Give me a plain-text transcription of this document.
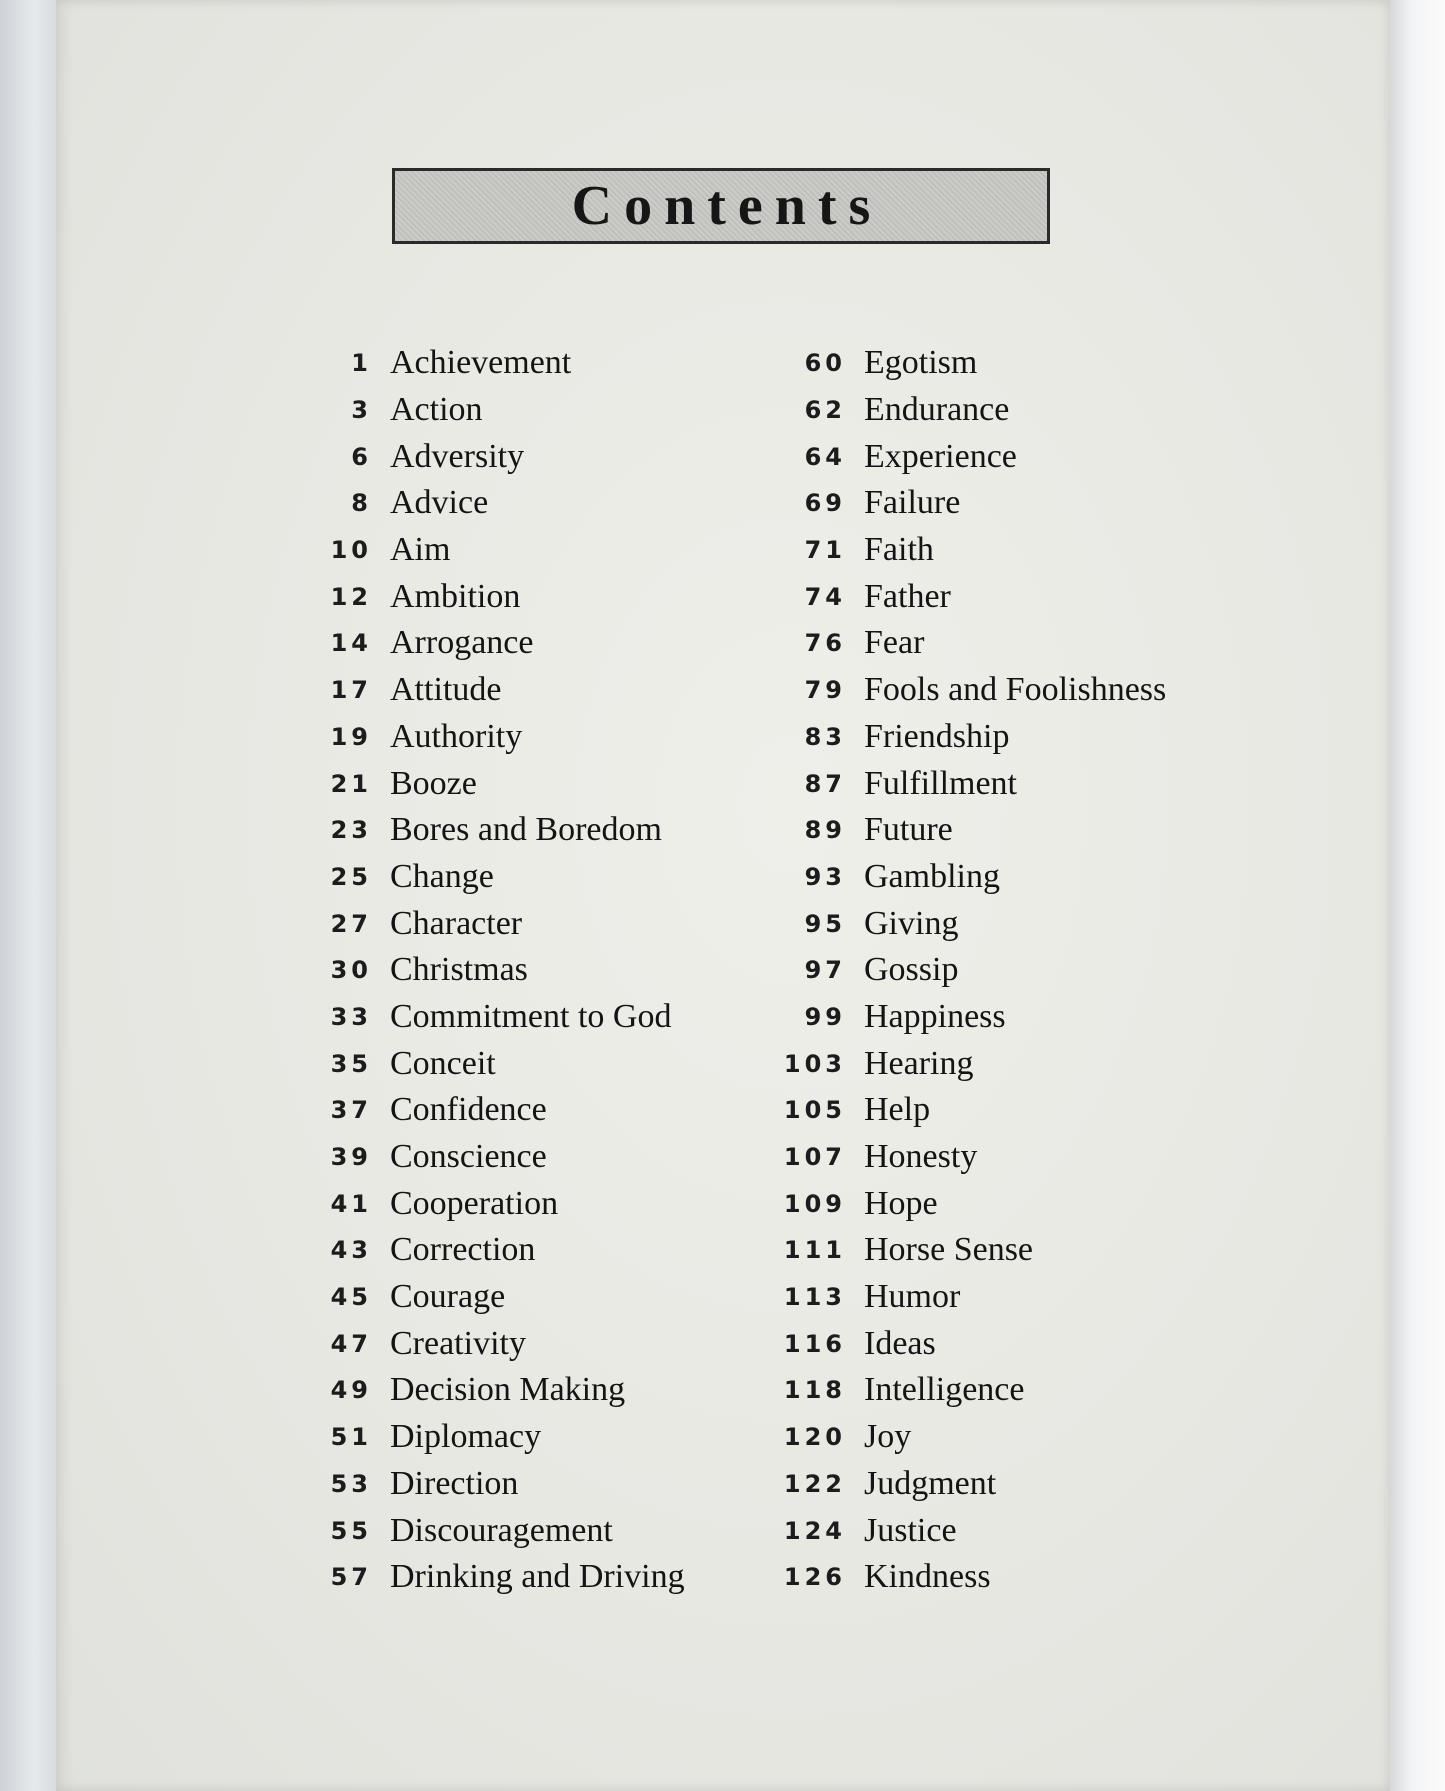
Contents
1 Achievement
3 Action
6 Adversity
8 Advice
10 Aim
12 Ambition
14 Arrogance
17 Attitude
19 Authority
21 Booze
23 Bores and Boredom
25 Change
27 Character
30 Christmas
33 Commitment to God
35 Conceit
37 Confidence
39 Conscience
41 Cooperation
43 Correction
45 Courage
47 Creativity
49 Decision Making
51 Diplomacy
53 Direction
55 Discouragement
57 Drinking and Driving
60 Egotism
62 Endurance
64 Experience
69 Failure
71 Faith
74 Father
76 Fear
79 Fools and Foolishness
83 Friendship
87 Fulfillment
89 Future
93 Gambling
95 Giving
97 Gossip
99 Happiness
103 Hearing
105 Help
107 Honesty
109 Hope
111 Horse Sense
113 Humor
116 Ideas
118 Intelligence
120 Joy
122 Judgment
124 Justice
126 Kindness
